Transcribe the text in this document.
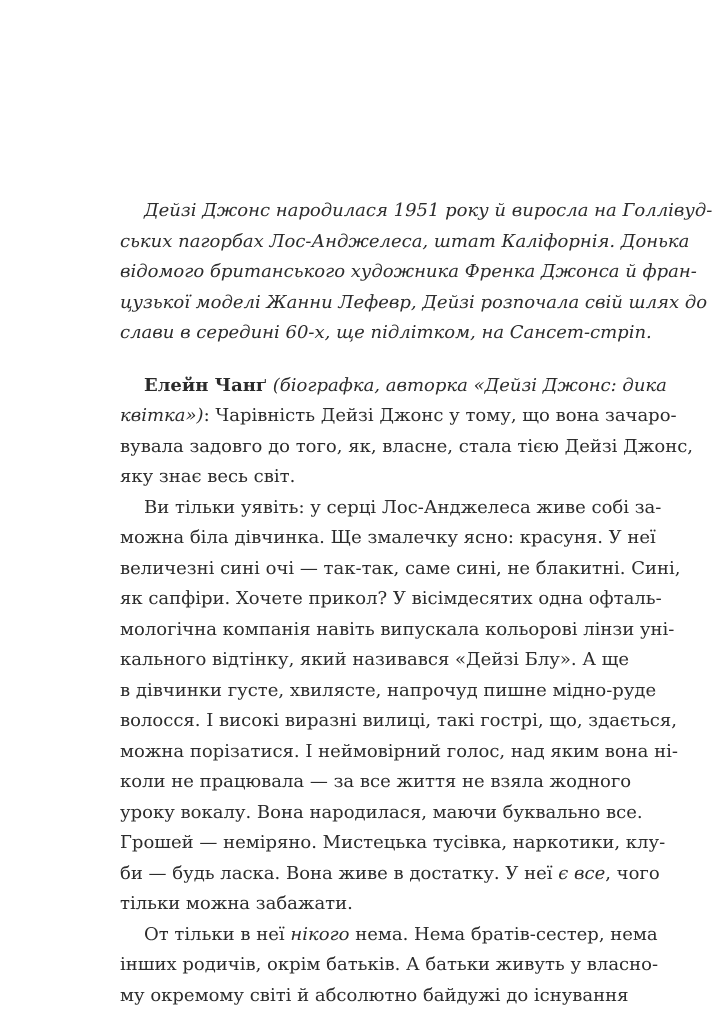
Дейзі Джонс народилася 1951 року й виросла на Голлівуд-
ських пагорбах Лос-Анджелеса, штат Каліфорнія. Донька
відомого британського художника Френка Джонса й фран-
цузької моделі Жанни Лефевр, Дейзі розпочала свій шлях до
слави в середині 60-х, ще підлітком, на Сансет-стріп.
Елейн Чанґ (біографка, авторка «Дейзі Джонс: дика
квітка»): Чарівність Дейзі Джонс у тому, що вона зачаро-
вувала задовго до того, як, власне, стала тією Дейзі Джонс,
яку знає весь світ.
Ви тільки уявіть: у серці Лос-Анджелеса живе собі за-
можна біла дівчинка. Ще змалечку ясно: красуня. У неї
величезні сині очі — так-так, саме сині, не блакитні. Сині,
як сапфіри. Хочете прикол? У вісімдесятих одна офталь-
мологічна компанія навіть випускала кольорові лінзи уні-
кального відтінку, який називався «Дейзі Блу». А ще
в дівчинки густе, хвилясте, напрочуд пишне мідно-руде
волосся. І високі виразні вилиці, такі гострі, що, здається,
можна порізатися. І неймовірний голос, над яким вона ні-
коли не працювала — за все життя не взяла жодного
уроку вокалу. Вона народилася, маючи буквально все.
Грошей — неміряно. Мистецька тусівка, наркотики, клу-
би — будь ласка. Вона живе в достатку. У неї є все, чого
тільки можна забажати.
От тільки в неї нікого нема. Нема братів-сестер, нема
інших родичів, окрім батьків. А батьки живуть у власно-
му окремому світі й абсолютно байдужі до існування
